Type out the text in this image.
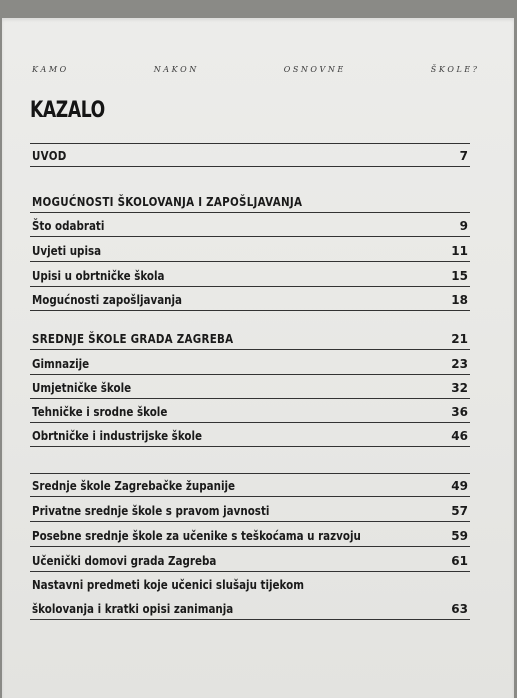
K A M O	N A K O N	O S N O V N E	Š K O L E ?
KAZALO
UVOD	7
MOGUĆNOSTI ŠKOLOVANJA I ZAPOŠLJAVANJA
Što odabrati	9
Uvjeti upisa	11
Upisi u obrtničke škola	15
Mogućnosti zapošljavanja	18
SREDNJE ŠKOLE GRADA ZAGREBA	21
Gimnazije	23
Umjetničke škole	32
Tehničke i srodne škole	36
Obrtničke i industrijske škole	46
Srednje škole Zagrebačke županije	49
Privatne srednje škole s pravom javnosti	57
Posebne srednje škole za učenike s teškoćama u razvoju	59
Učenički domovi grada Zagreba	61
Nastavni predmeti koje učenici slušaju tijekom
školovanja i kratki opisi zanimanja	63
